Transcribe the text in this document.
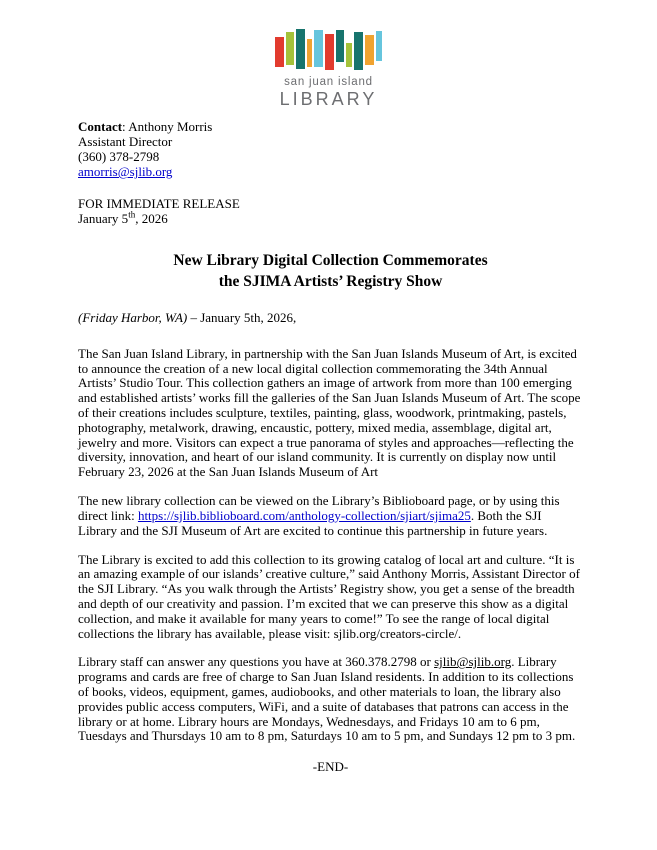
san juan island
LIBRARY
Contact: Anthony Morris
Assistant Director
(360) 378-2798
amorris@sjlib.org
FOR IMMEDIATE RELEASE
January 5th, 2026
New Library Digital Collection Commemorates
the SJIMA Artists’ Registry Show
(Friday Harbor, WA) – January 5th, 2026,

The San Juan Island Library, in partnership with the San Juan Islands Museum of Art, is excited to announce the creation of a new local digital collection commemorating the 34th Annual Artists’ Studio Tour. This collection gathers an image of artwork from more than 100 emerging and established artists’ works fill the galleries of the San Juan Islands Museum of Art. The scope of their creations includes sculpture, textiles, painting, glass, woodwork, printmaking, pastels, photography, metalwork, drawing, encaustic, pottery, mixed media, assemblage, digital art, jewelry and more. Visitors can expect a true panorama of styles and approaches—reflecting the diversity, innovation, and heart of our island community. It is currently on display now until February 23, 2026 at the San Juan Islands Museum of Art

The new library collection can be viewed on the Library’s Biblioboard page, or by using this direct link: https://sjlib.biblioboard.com/anthology-collection/sjiart/sjima25. Both the SJI Library and the SJI Museum of Art are excited to continue this partnership in future years.

The Library is excited to add this collection to its growing catalog of local art and culture. “It is an amazing example of our islands’ creative culture,” said Anthony Morris, Assistant Director of the SJI Library. “As you walk through the Artists’ Registry show, you get a sense of the breadth and depth of our creativity and passion. I’m excited that we can preserve this show as a digital collection, and make it available for many years to come!” To see the range of local digital collections the library has available, please visit: sjlib.org/creators-circle/.

Library staff can answer any questions you have at 360.378.2798 or sjlib@sjlib.org. Library programs and cards are free of charge to San Juan Island residents. In addition to its collections of books, videos, equipment, games, audiobooks, and other materials to loan, the library also provides public access computers, WiFi, and a suite of databases that patrons can access in the library or at home. Library hours are Mondays, Wednesdays, and Fridays 10 am to 6 pm, Tuesdays and Thursdays 10 am to 8 pm, Saturdays 10 am to 5 pm, and Sundays 12 pm to 3 pm.

-END-
